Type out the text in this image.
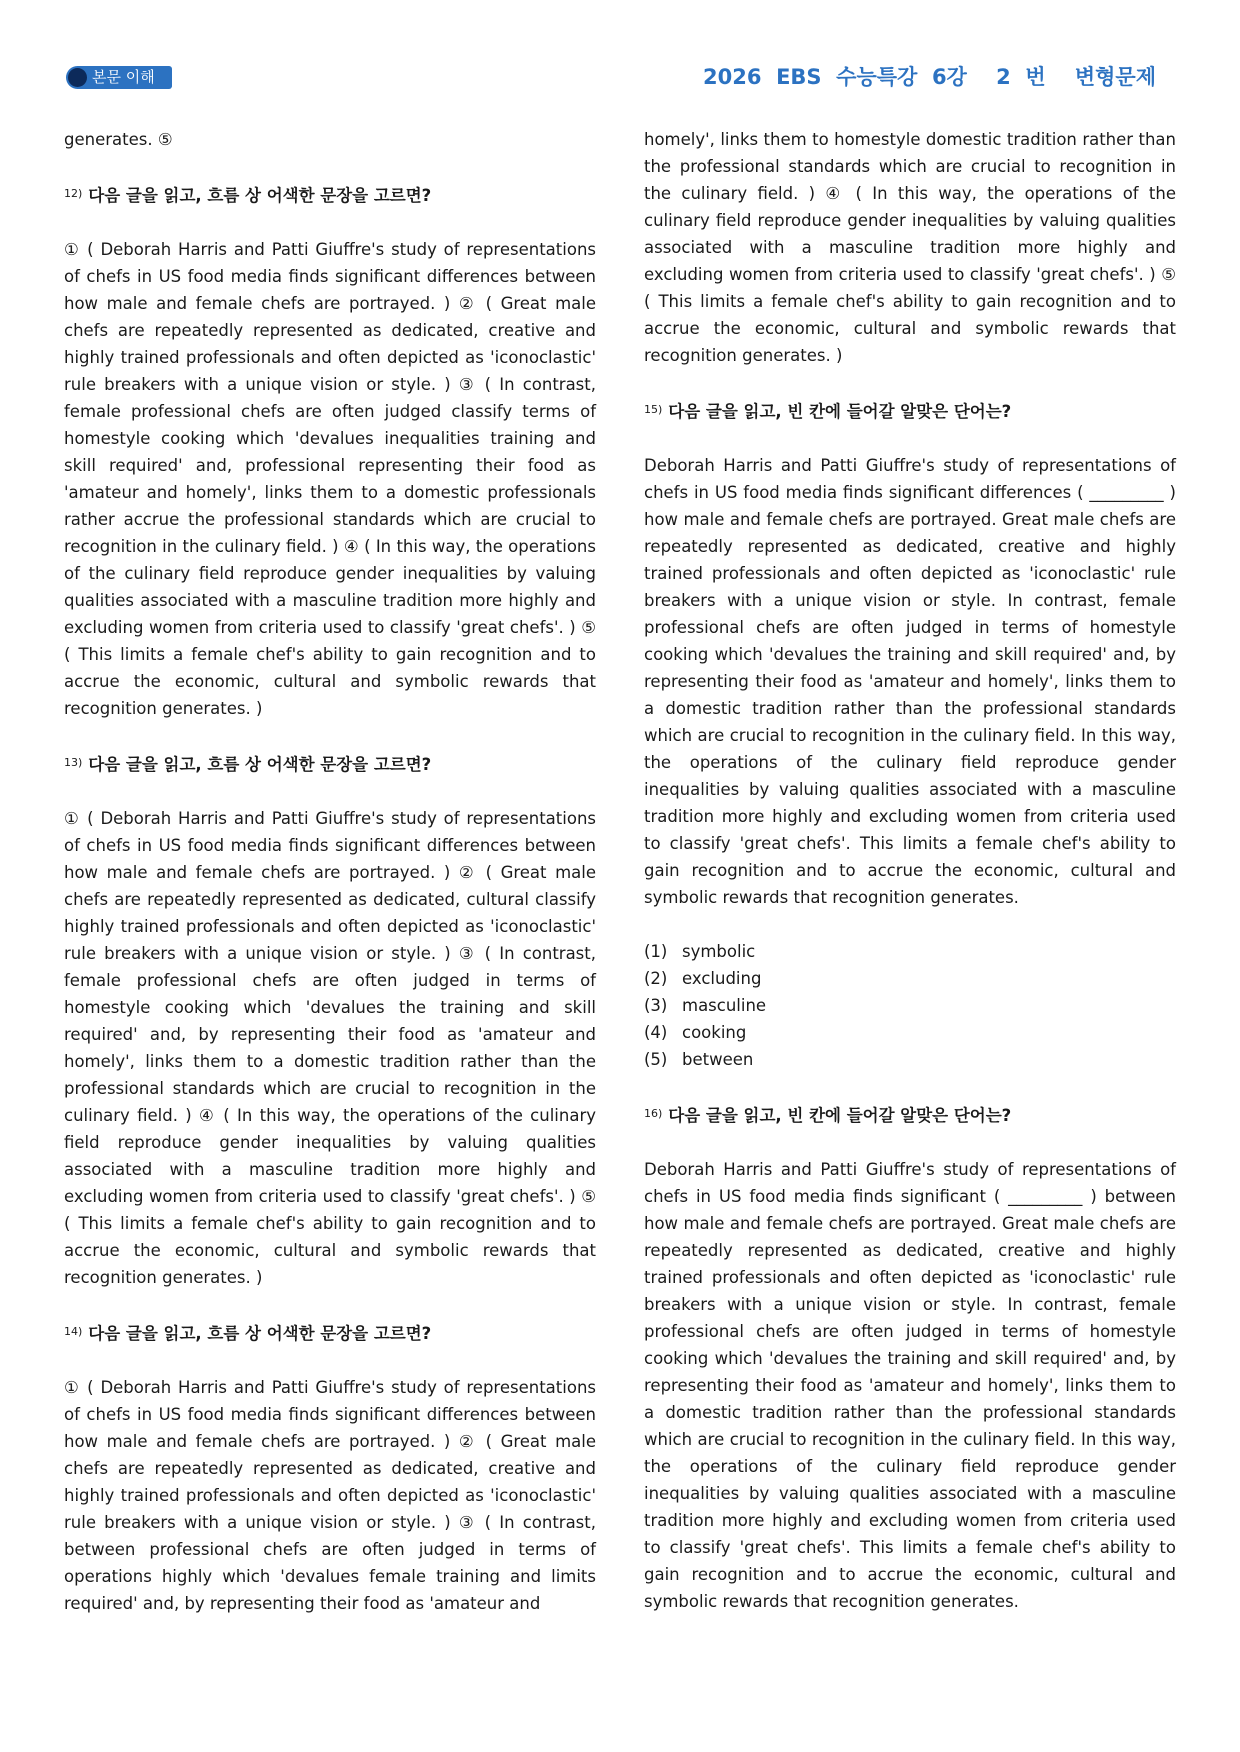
본문 이해	2026  EBS  수능특강  6강    2  번    변형문제

generates. ⑤

$^{12)}$ 다음 글을 읽고, 흐름 상 어색한 문장을 고르면?

① ( Deborah Harris and Patti Giuffre's study of representations of chefs in US food media finds significant differences between how male and female chefs are portrayed. ) ② ( Great male chefs are repeatedly represented as dedicated, creative and highly trained professionals and often depicted as 'iconoclastic' rule breakers with a unique vision or style. ) ③ ( In contrast, female professional chefs are often judged classify terms of homestyle cooking which 'devalues inequalities training and skill required' and, professional representing their food as 'amateur and homely', links them to a domestic professionals rather accrue the professional standards which are crucial to recognition in the culinary field. ) ④ ( In this way, the operations of the culinary field reproduce gender inequalities by valuing qualities associated with a masculine tradition more highly and excluding women from criteria used to classify 'great chefs'. ) ⑤ ( This limits a female chef's ability to gain recognition and to accrue the economic, cultural and symbolic rewards that recognition generates. )

$^{13)}$ 다음 글을 읽고, 흐름 상 어색한 문장을 고르면?

① ( Deborah Harris and Patti Giuffre's study of representations of chefs in US food media finds significant differences between how male and female chefs are portrayed. ) ② ( Great male chefs are repeatedly represented as dedicated, cultural classify highly trained professionals and often depicted as 'iconoclastic' rule breakers with a unique vision or style. ) ③ ( In contrast, female professional chefs are often judged in terms of homestyle cooking which 'devalues the training and skill required' and, by representing their food as 'amateur and homely', links them to a domestic tradition rather than the professional standards which are crucial to recognition in the culinary field. ) ④ ( In this way, the operations of the culinary field reproduce gender inequalities by valuing qualities associated with a masculine tradition more highly and excluding women from criteria used to classify 'great chefs'. ) ⑤ ( This limits a female chef's ability to gain recognition and to accrue the economic, cultural and symbolic rewards that recognition generates. )

$^{14)}$ 다음 글을 읽고, 흐름 상 어색한 문장을 고르면?

① ( Deborah Harris and Patti Giuffre's study of representations of chefs in US food media finds significant differences between how male and female chefs are portrayed. ) ② ( Great male chefs are repeatedly represented as dedicated, creative and highly trained professionals and often depicted as 'iconoclastic' rule breakers with a unique vision or style. ) ③ ( In contrast, between professional chefs are often judged in terms of operations highly which 'devalues female training and limits required' and, by representing their food as 'amateur and

homely', links them to homestyle domestic tradition rather than the professional standards which are crucial to recognition in the culinary field. ) ④ ( In this way, the operations of the culinary field reproduce gender inequalities by valuing qualities associated with a masculine tradition more highly and excluding women from criteria used to classify 'great chefs'. ) ⑤ ( This limits a female chef's ability to gain recognition and to accrue the economic, cultural and symbolic rewards that recognition generates. )

$^{15)}$ 다음 글을 읽고, 빈 칸에 들어갈 알맞은 단어는?

Deborah Harris and Patti Giuffre's study of representations of chefs in US food media finds significant differences ( _________ ) how male and female chefs are portrayed. Great male chefs are repeatedly represented as dedicated, creative and highly trained professionals and often depicted as 'iconoclastic' rule breakers with a unique vision or style. In contrast, female professional chefs are often judged in terms of homestyle cooking which 'devalues the training and skill required' and, by representing their food as 'amateur and homely', links them to a domestic tradition rather than the professional standards which are crucial to recognition in the culinary field. In this way, the operations of the culinary field reproduce gender inequalities by valuing qualities associated with a masculine tradition more highly and excluding women from criteria used to classify 'great chefs'. This limits a female chef's ability to gain recognition and to accrue the economic, cultural and symbolic rewards that recognition generates.

(1) symbolic

(2) excluding

(3) masculine

(4) cooking

(5) between

$^{16)}$ 다음 글을 읽고, 빈 칸에 들어갈 알맞은 단어는?

Deborah Harris and Patti Giuffre's study of representations of chefs in US food media finds significant ( _________ ) between how male and female chefs are portrayed. Great male chefs are repeatedly represented as dedicated, creative and highly trained professionals and often depicted as 'iconoclastic' rule breakers with a unique vision or style. In contrast, female professional chefs are often judged in terms of homestyle cooking which 'devalues the training and skill required' and, by representing their food as 'amateur and homely', links them to a domestic tradition rather than the professional standards which are crucial to recognition in the culinary field. In this way, the operations of the culinary field reproduce gender inequalities by valuing qualities associated with a masculine tradition more highly and excluding women from criteria used to classify 'great chefs'. This limits a female chef's ability to gain recognition and to accrue the economic, cultural and symbolic rewards that recognition generates.
